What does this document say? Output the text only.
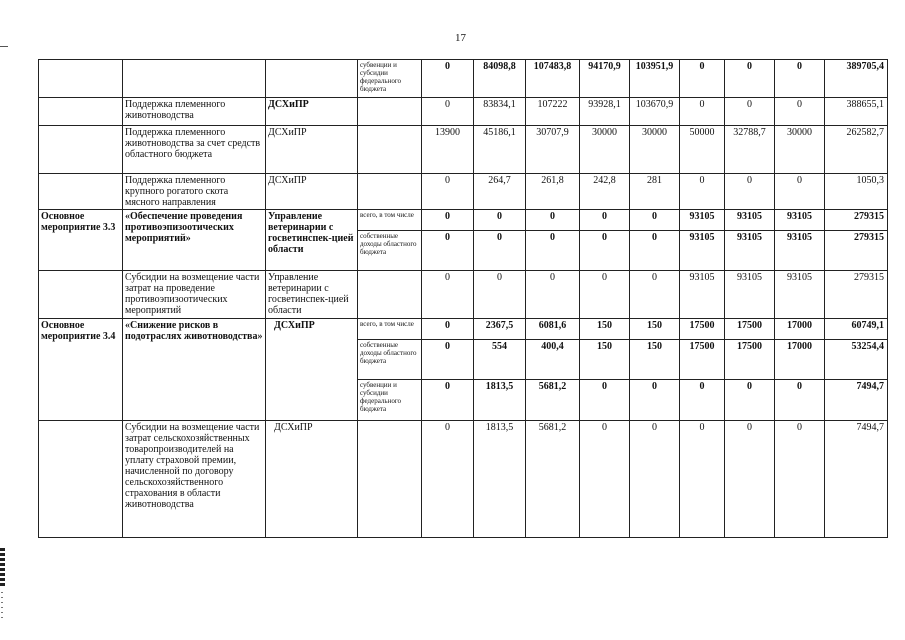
17
			субвенции и субсидии федерального бюджета	0	84098,8	107483,8	94170,9	103951,9	0	0	0	389705,4
	Поддержка племенного животноводства	ДСХиПР		0	83834,1	107222	93928,1	103670,9	0	0	0	388655,1
	Поддержка племенного животноводства за счет средств областного бюджета	ДСХиПР		13900	45186,1	30707,9	30000	30000	50000	32788,7	30000	262582,7
	Поддержка племенного крупного рогатого скота мясного направления	ДСХиПР		0	264,7	261,8	242,8	281	0	0	0	1050,3
Основное мероприятие 3.3	«Обеспечение проведения противоэпизоотических мероприятий»	Управление ветеринарии с госветинспек-цией области	всего, в том числе	0	0	0	0	0	93105	93105	93105	279315
			собственные доходы областного бюджета	0	0	0	0	0	93105	93105	93105	279315
	Субсидии на возмещение части затрат на проведение противоэпизоотических мероприятий	Управление ветеринарии с госветинспек-цией области		0	0	0	0	0	93105	93105	93105	279315
Основное мероприятие 3.4	«Снижение рисков в подотраслях животноводства»	ДСХиПР	всего, в том числе	0	2367,5	6081,6	150	150	17500	17500	17000	60749,1
			собственные доходы областного бюджета	0	554	400,4	150	150	17500	17500	17000	53254,4
			субвенции и субсидии федерального бюджета	0	1813,5	5681,2	0	0	0	0	0	7494,7
	Субсидии на возмещение части затрат сельскохозяйственных товаропроизводителей на уплату страховой премии, начисленной по договору сельскохозяйственного страхования в области животноводства	ДСХиПР		0	1813,5	5681,2	0	0	0	0	0	7494,7
